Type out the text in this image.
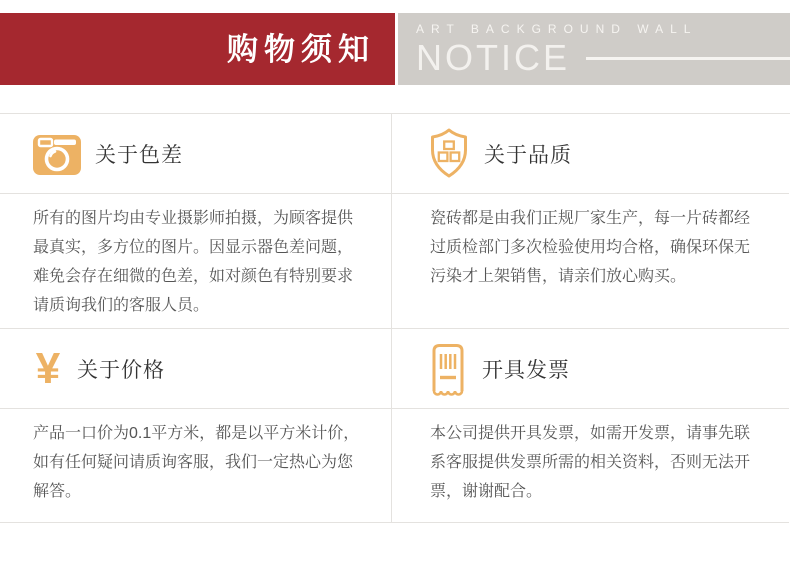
购物须知
ART BACKGROUND WALL
NOTICE
关于色差	关于品质

所有的图片均由专业摄影师拍摄，为顾客提供最真实，多方位的图片。因显示器色差问题，难免会存在细微的色差，如对颜色有特别要求请质询我们的客服人员。

瓷砖都是由我们正规厂家生产，每一片砖都经过质检部门多次检验使用均合格，确保环保无污染才上架销售，请亲们放心购买。

¥ 关于价格	开具发票

产品一口价为0.1平方米，都是以平方米计价，如有任何疑问请质询客服，我们一定热心为您解答。

本公司提供开具发票，如需开发票，请事先联系客服提供发票所需的相关资料，否则无法开票，谢谢配合。
